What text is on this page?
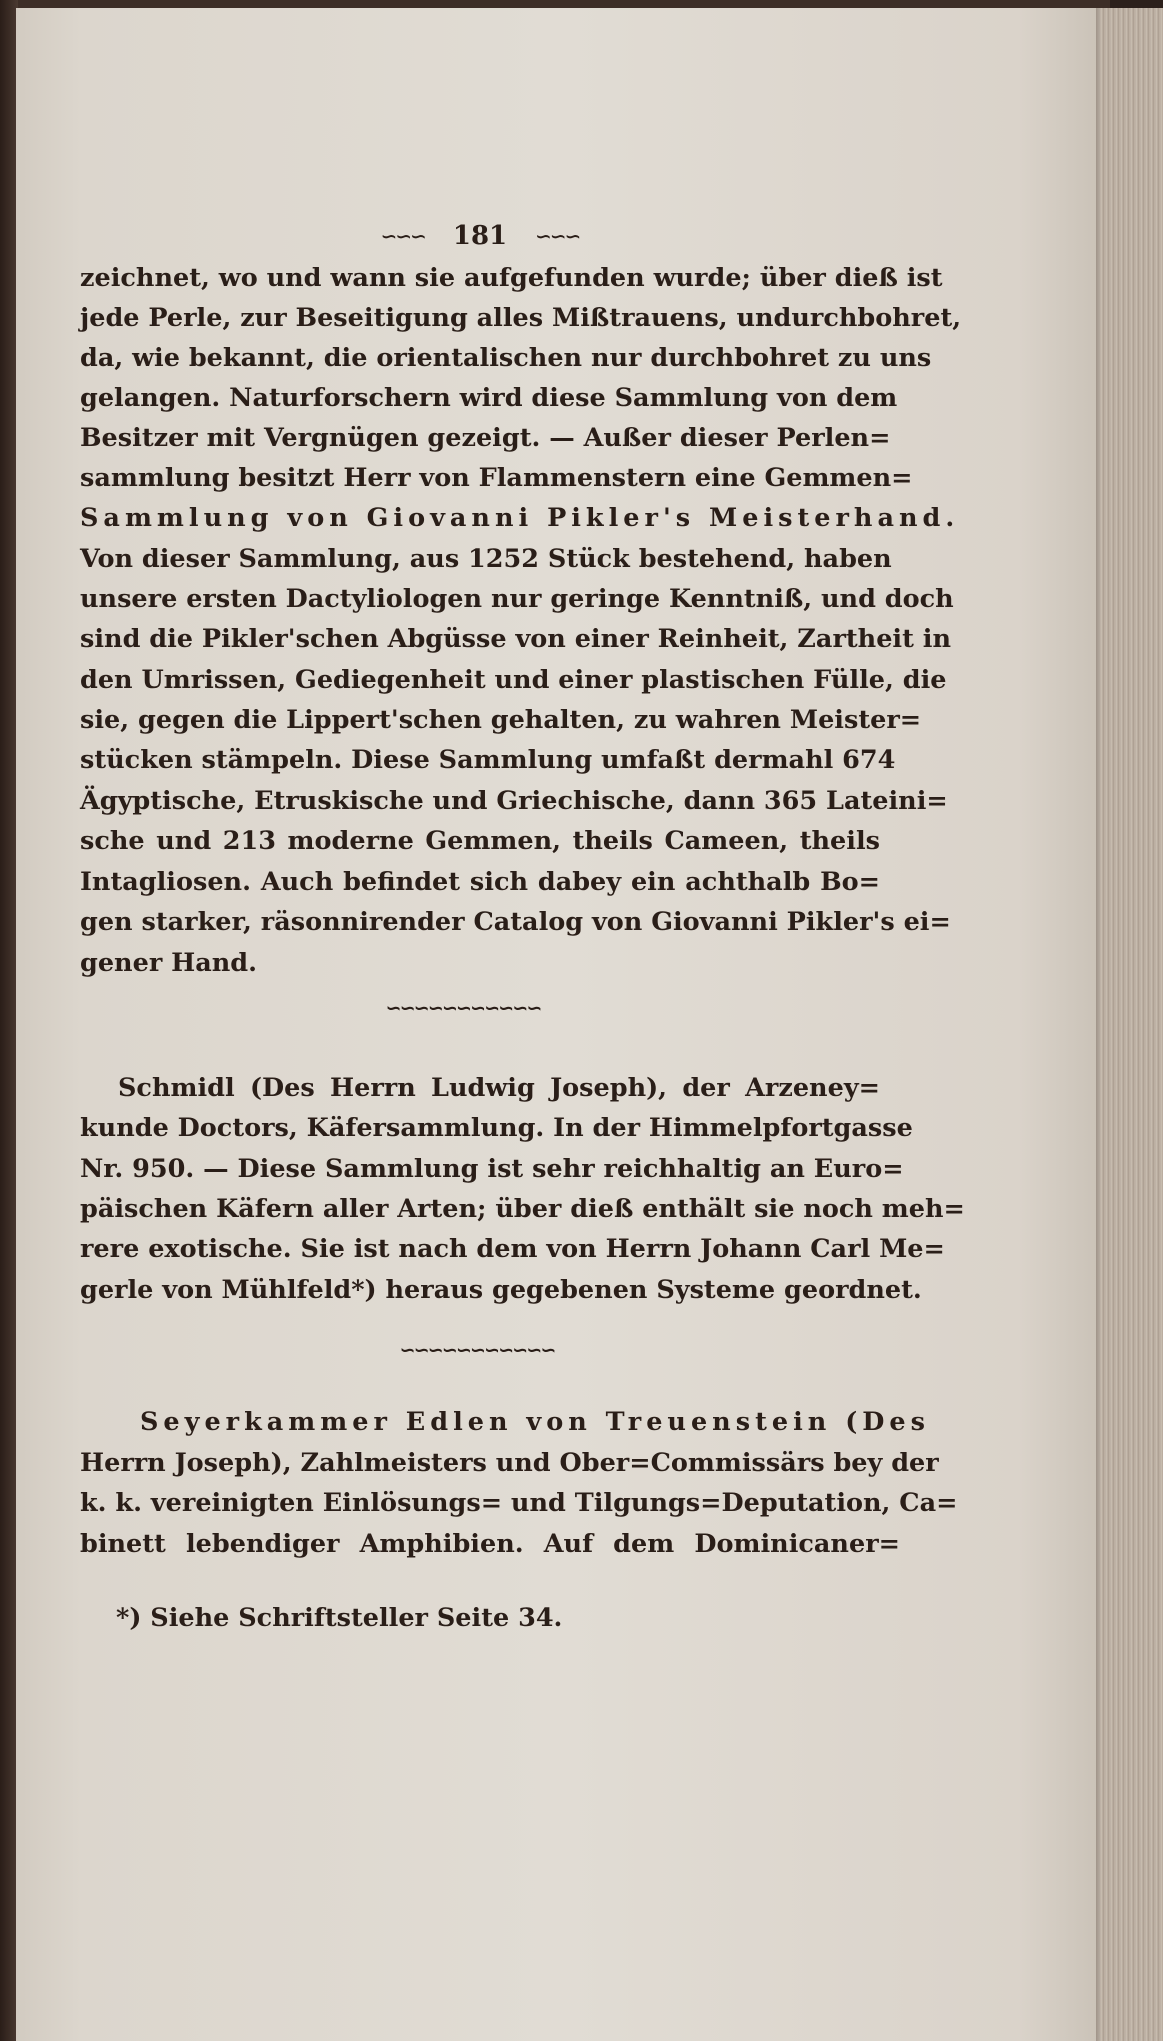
∽∽∽ 181 ∽∽∽
zeichnet, wo und wann sie aufgefunden wurde; über dieß ist
jede Perle, zur Beseitigung alles Mißtrauens, undurchbohret,
da, wie bekannt, die orientalischen nur durchbohret zu uns
gelangen. Naturforschern wird diese Sammlung von dem
Besitzer mit Vergnügen gezeigt. — Außer dieser Perlen=
sammlung besitzt Herr von Flammenstern eine Gemmen=
Sammlung von Giovanni Pikler's Meisterhand.
Von dieser Sammlung, aus 1252 Stück bestehend, haben
unsere ersten Dactyliologen nur geringe Kenntniß, und doch
sind die Pikler'schen Abgüsse von einer Reinheit, Zartheit in
den Umrissen, Gediegenheit und einer plastischen Fülle, die
sie, gegen die Lippert'schen gehalten, zu wahren Meister=
stücken stämpeln. Diese Sammlung umfaßt dermahl 674
Ägyptische, Etruskische und Griechische, dann 365 Lateini=
sche und 213 moderne Gemmen, theils Cameen, theils
Intagliosen. Auch befindet sich dabey ein achthalb Bo=
gen starker, räsonnirender Catalog von Giovanni Pikler's ei=
gener Hand.
∽∽∽∽∽∽∽∽∽∽∽
Schmidl (Des Herrn Ludwig Joseph), der Arzeney=
kunde Doctors, Käfersammlung. In der Himmelpfortgasse
Nr. 950. — Diese Sammlung ist sehr reichhaltig an Euro=
päischen Käfern aller Arten; über dieß enthält sie noch meh=
rere exotische. Sie ist nach dem von Herrn Johann Carl Me=
gerle von Mühlfeld*) heraus gegebenen Systeme geordnet.
∽∽∽∽∽∽∽∽∽∽∽
Seyerkammer Edlen von Treuenstein (Des
Herrn Joseph), Zahlmeisters und Ober=Commissärs bey der
k. k. vereinigten Einlösungs= und Tilgungs=Deputation, Ca=
binett lebendiger Amphibien. Auf dem Dominicaner=
*) Siehe Schriftsteller Seite 34.
